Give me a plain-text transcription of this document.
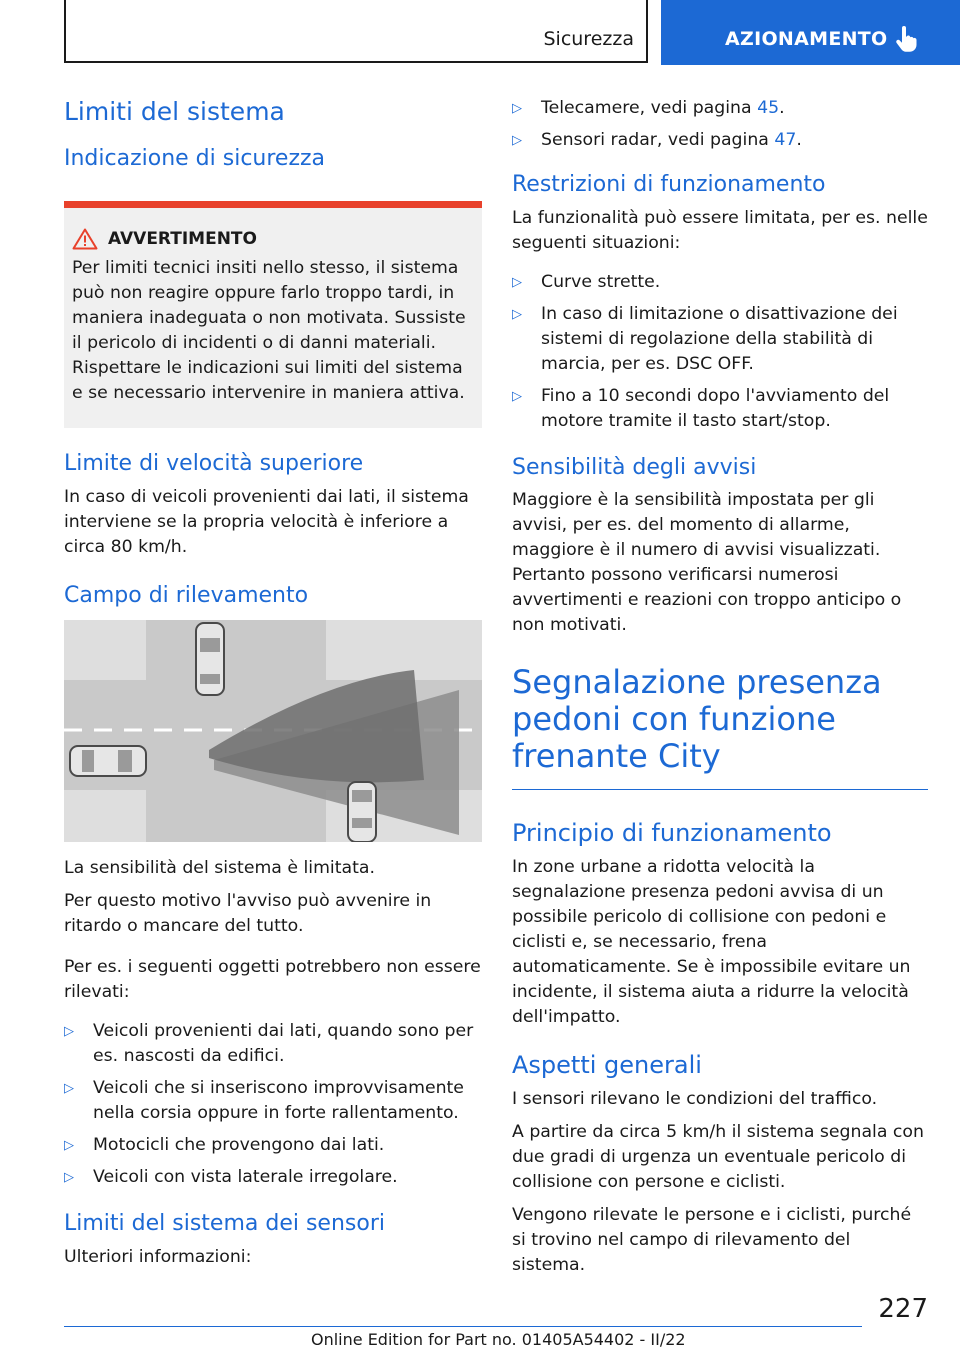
Sicurezza	AZIONAMENTO
Limiti del sistema
Indicazione di sicurezza
AVVERTIMENTO

Per limiti tecnici insiti nello stesso, il sistema può non reagire oppure farlo troppo tardi, in maniera inadeguata o non motivata. Sussiste il pericolo di incidenti o di danni materiali. Rispettare le indicazioni sui limiti del sistema e se necessario intervenire in maniera attiva.

Limite di velocità superiore

In caso di veicoli provenienti dai lati, il sistema interviene se la propria velocità è inferiore a circa 80 km/h.

Campo di rilevamento

La sensibilità del sistema è limitata.

Per questo motivo l'avviso può avvenire in ritardo o mancare del tutto.

Per es. i seguenti oggetti potrebbero non essere rilevati:

▷ Veicoli provenienti dai lati, quando sono per es. nascosti da edifici.
▷ Veicoli che si inseriscono improvvisamente nella corsia oppure in forte rallentamento.
▷ Motocicli che provengono dai lati.
▷ Veicoli con vista laterale irregolare.
Limiti del sistema dei sensori

Ulteriori informazioni:

▷ Telecamere, vedi pagina 45.
▷ Sensori radar, vedi pagina 47.
Restrizioni di funzionamento

La funzionalità può essere limitata, per es. nelle seguenti situazioni:

▷ Curve strette.
▷ In caso di limitazione o disattivazione dei sistemi di regolazione della stabilità di marcia, per es. DSC OFF.
▷ Fino a 10 secondi dopo l'avviamento del motore tramite il tasto start/stop.
Sensibilità degli avvisi

Maggiore è la sensibilità impostata per gli avvisi, per es. del momento di allarme, maggiore è il numero di avvisi visualizzati. Pertanto possono verificarsi numerosi avvertimenti e reazioni con troppo anticipo o non motivati.

Segnalazione presenza pedoni con funzione frenante City
Principio di funzionamento

In zone urbane a ridotta velocità la segnalazione presenza pedoni avvisa di un possibile pericolo di collisione con pedoni e ciclisti e, se necessario, frena automaticamente. Se è impossibile evitare un incidente, il sistema aiuta a ridurre la velocità dell'impatto.

Aspetti generali

I sensori rilevano le condizioni del traffico.

A partire da circa 5 km/h il sistema segnala con due gradi di urgenza un eventuale pericolo di collisione con persone e ciclisti.

Vengono rilevate le persone e i ciclisti, purché si trovino nel campo di rilevamento del sistema.

227
Online Edition for Part no. 01405A54402 - II/22
